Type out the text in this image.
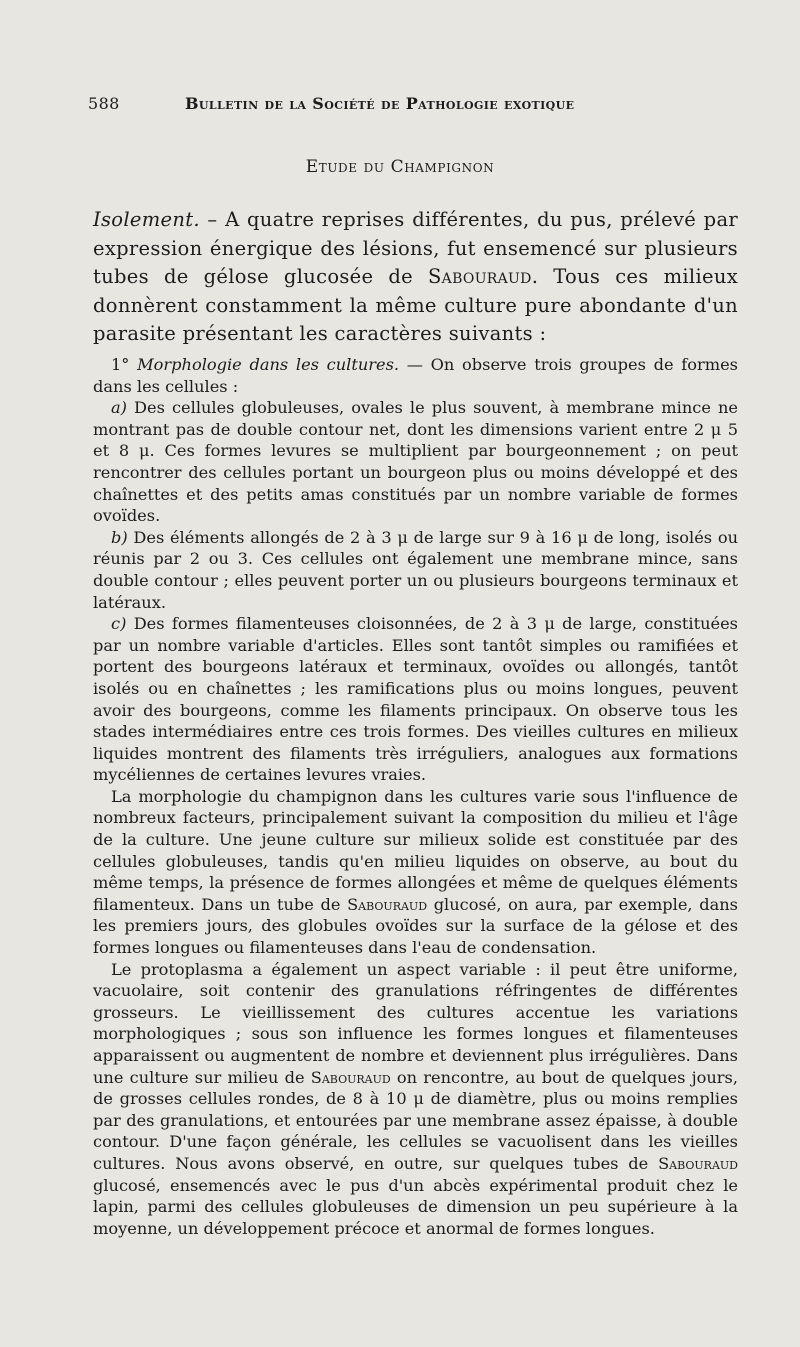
588	Bulletin de la Société de Pathologie exotique
Etude du Champignon
Isolement. – A quatre reprises différentes, du pus, prélevé par expression énergique des lésions, fut ensemencé sur plusieurs tubes de gélose glucosée de Sabouraud. Tous ces milieux donnèrent constamment la même culture pure abondante d'un parasite présentant les caractères suivants :

1° Morphologie dans les cultures. — On observe trois groupes de formes dans les cellules :

a) Des cellules globuleuses, ovales le plus souvent, à membrane mince ne montrant pas de double contour net, dont les dimensions varient entre 2 μ 5 et 8 μ. Ces formes levures se multiplient par bourgeonnement ; on peut rencontrer des cellules portant un bourgeon plus ou moins développé et des chaînettes et des petits amas constitués par un nombre variable de formes ovoïdes.

b) Des éléments allongés de 2 à 3 μ de large sur 9 à 16 μ de long, isolés ou réunis par 2 ou 3. Ces cellules ont également une membrane mince, sans double contour ; elles peuvent porter un ou plusieurs bourgeons terminaux et latéraux.

c) Des formes filamenteuses cloisonnées, de 2 à 3 μ de large, constituées par un nombre variable d'articles. Elles sont tantôt simples ou ramifiées et portent des bourgeons latéraux et terminaux, ovoïdes ou allongés, tantôt isolés ou en chaînettes ; les ramifications plus ou moins longues, peuvent avoir des bourgeons, comme les filaments principaux. On observe tous les stades intermédiaires entre ces trois formes. Des vieilles cultures en milieux liquides montrent des filaments très irréguliers, analogues aux formations mycéliennes de certaines levures vraies.

La morphologie du champignon dans les cultures varie sous l'influence de nombreux facteurs, principalement suivant la composition du milieu et l'âge de la culture. Une jeune culture sur milieux solide est constituée par des cellules globuleuses, tandis qu'en milieu liquides on observe, au bout du même temps, la présence de formes allongées et même de quelques éléments filamenteux. Dans un tube de Sabouraud glucosé, on aura, par exemple, dans les premiers jours, des globules ovoïdes sur la surface de la gélose et des formes longues ou filamenteuses dans l'eau de condensation.

Le protoplasma a également un aspect variable : il peut être uniforme, vacuolaire, soit contenir des granulations réfringentes de différentes grosseurs. Le vieillissement des cultures accentue les variations morphologiques ; sous son influence les formes longues et filamenteuses apparaissent ou augmentent de nombre et deviennent plus irrégulières. Dans une culture sur milieu de Sabouraud on rencontre, au bout de quelques jours, de grosses cellules rondes, de 8 à 10 μ de diamètre, plus ou moins remplies par des granulations, et entourées par une membrane assez épaisse, à double contour. D'une façon générale, les cellules se vacuolisent dans les vieilles cultures. Nous avons observé, en outre, sur quelques tubes de Sabouraud glucosé, ensemencés avec le pus d'un abcès expérimental produit chez le lapin, parmi des cellules globuleuses de dimension un peu supérieure à la moyenne, un développement précoce et anormal de formes longues.
